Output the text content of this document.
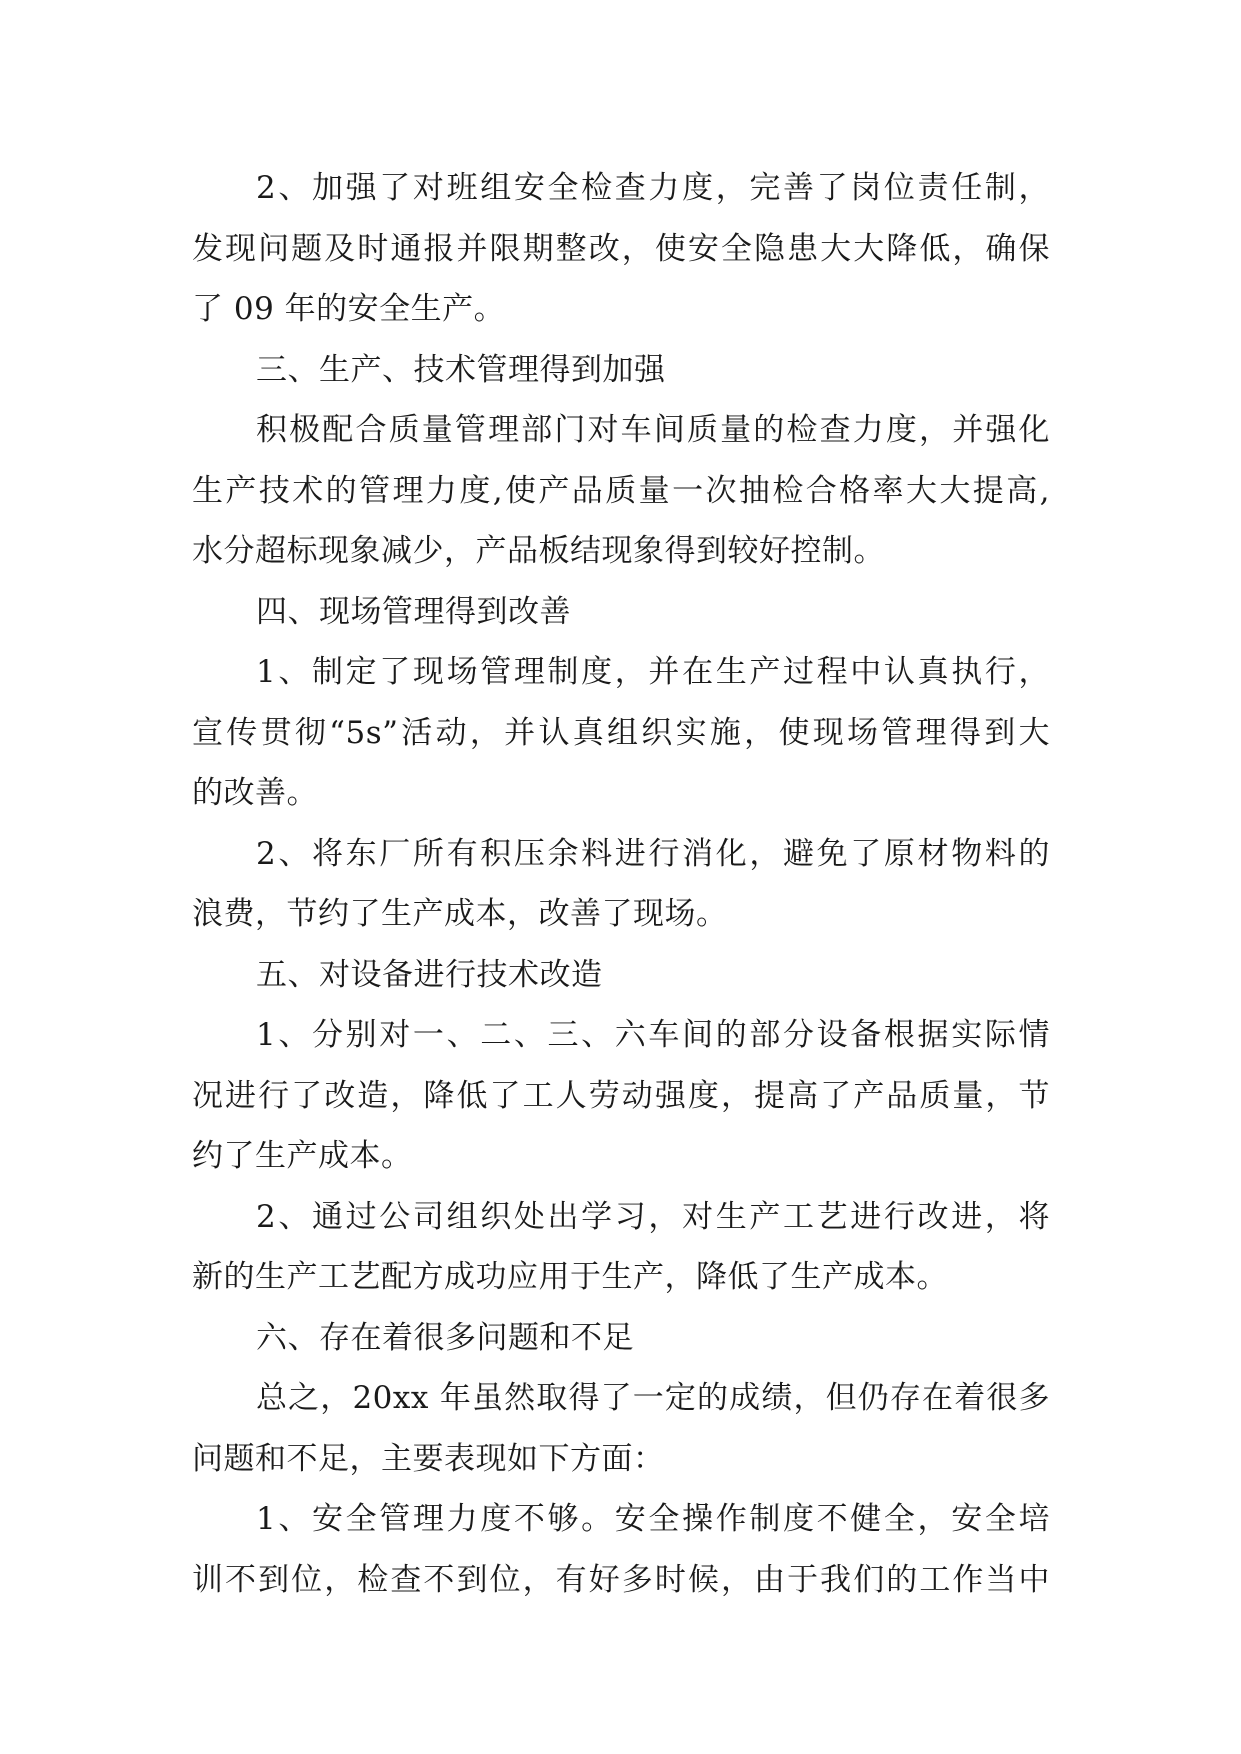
2、加强了对班组安全检查力度，完善了岗位责任制，
发现问题及时通报并限期整改，使安全隐患大大降低，确保
了 09 年的安全生产。
三、生产、技术管理得到加强
积极配合质量管理部门对车间质量的检查力度，并强化
生产技术的管理力度,使产品质量一次抽检合格率大大提高,
水分超标现象减少，产品板结现象得到较好控制。
四、现场管理得到改善
1、制定了现场管理制度，并在生产过程中认真执行，
宣传贯彻“5s”活动，并认真组织实施，使现场管理得到大
的改善。
2、将东厂所有积压余料进行消化，避免了原材物料的
浪费，节约了生产成本，改善了现场。
五、对设备进行技术改造
1、分别对一、二、三、六车间的部分设备根据实际情
况进行了改造，降低了工人劳动强度，提高了产品质量，节
约了生产成本。
2、通过公司组织处出学习，对生产工艺进行改进，将
新的生产工艺配方成功应用于生产，降低了生产成本。
六、存在着很多问题和不足
总之，20xx 年虽然取得了一定的成绩，但仍存在着很多
问题和不足，主要表现如下方面：
1、安全管理力度不够。安全操作制度不健全，安全培
训不到位，检查不到位，有好多时候，由于我们的工作当中
